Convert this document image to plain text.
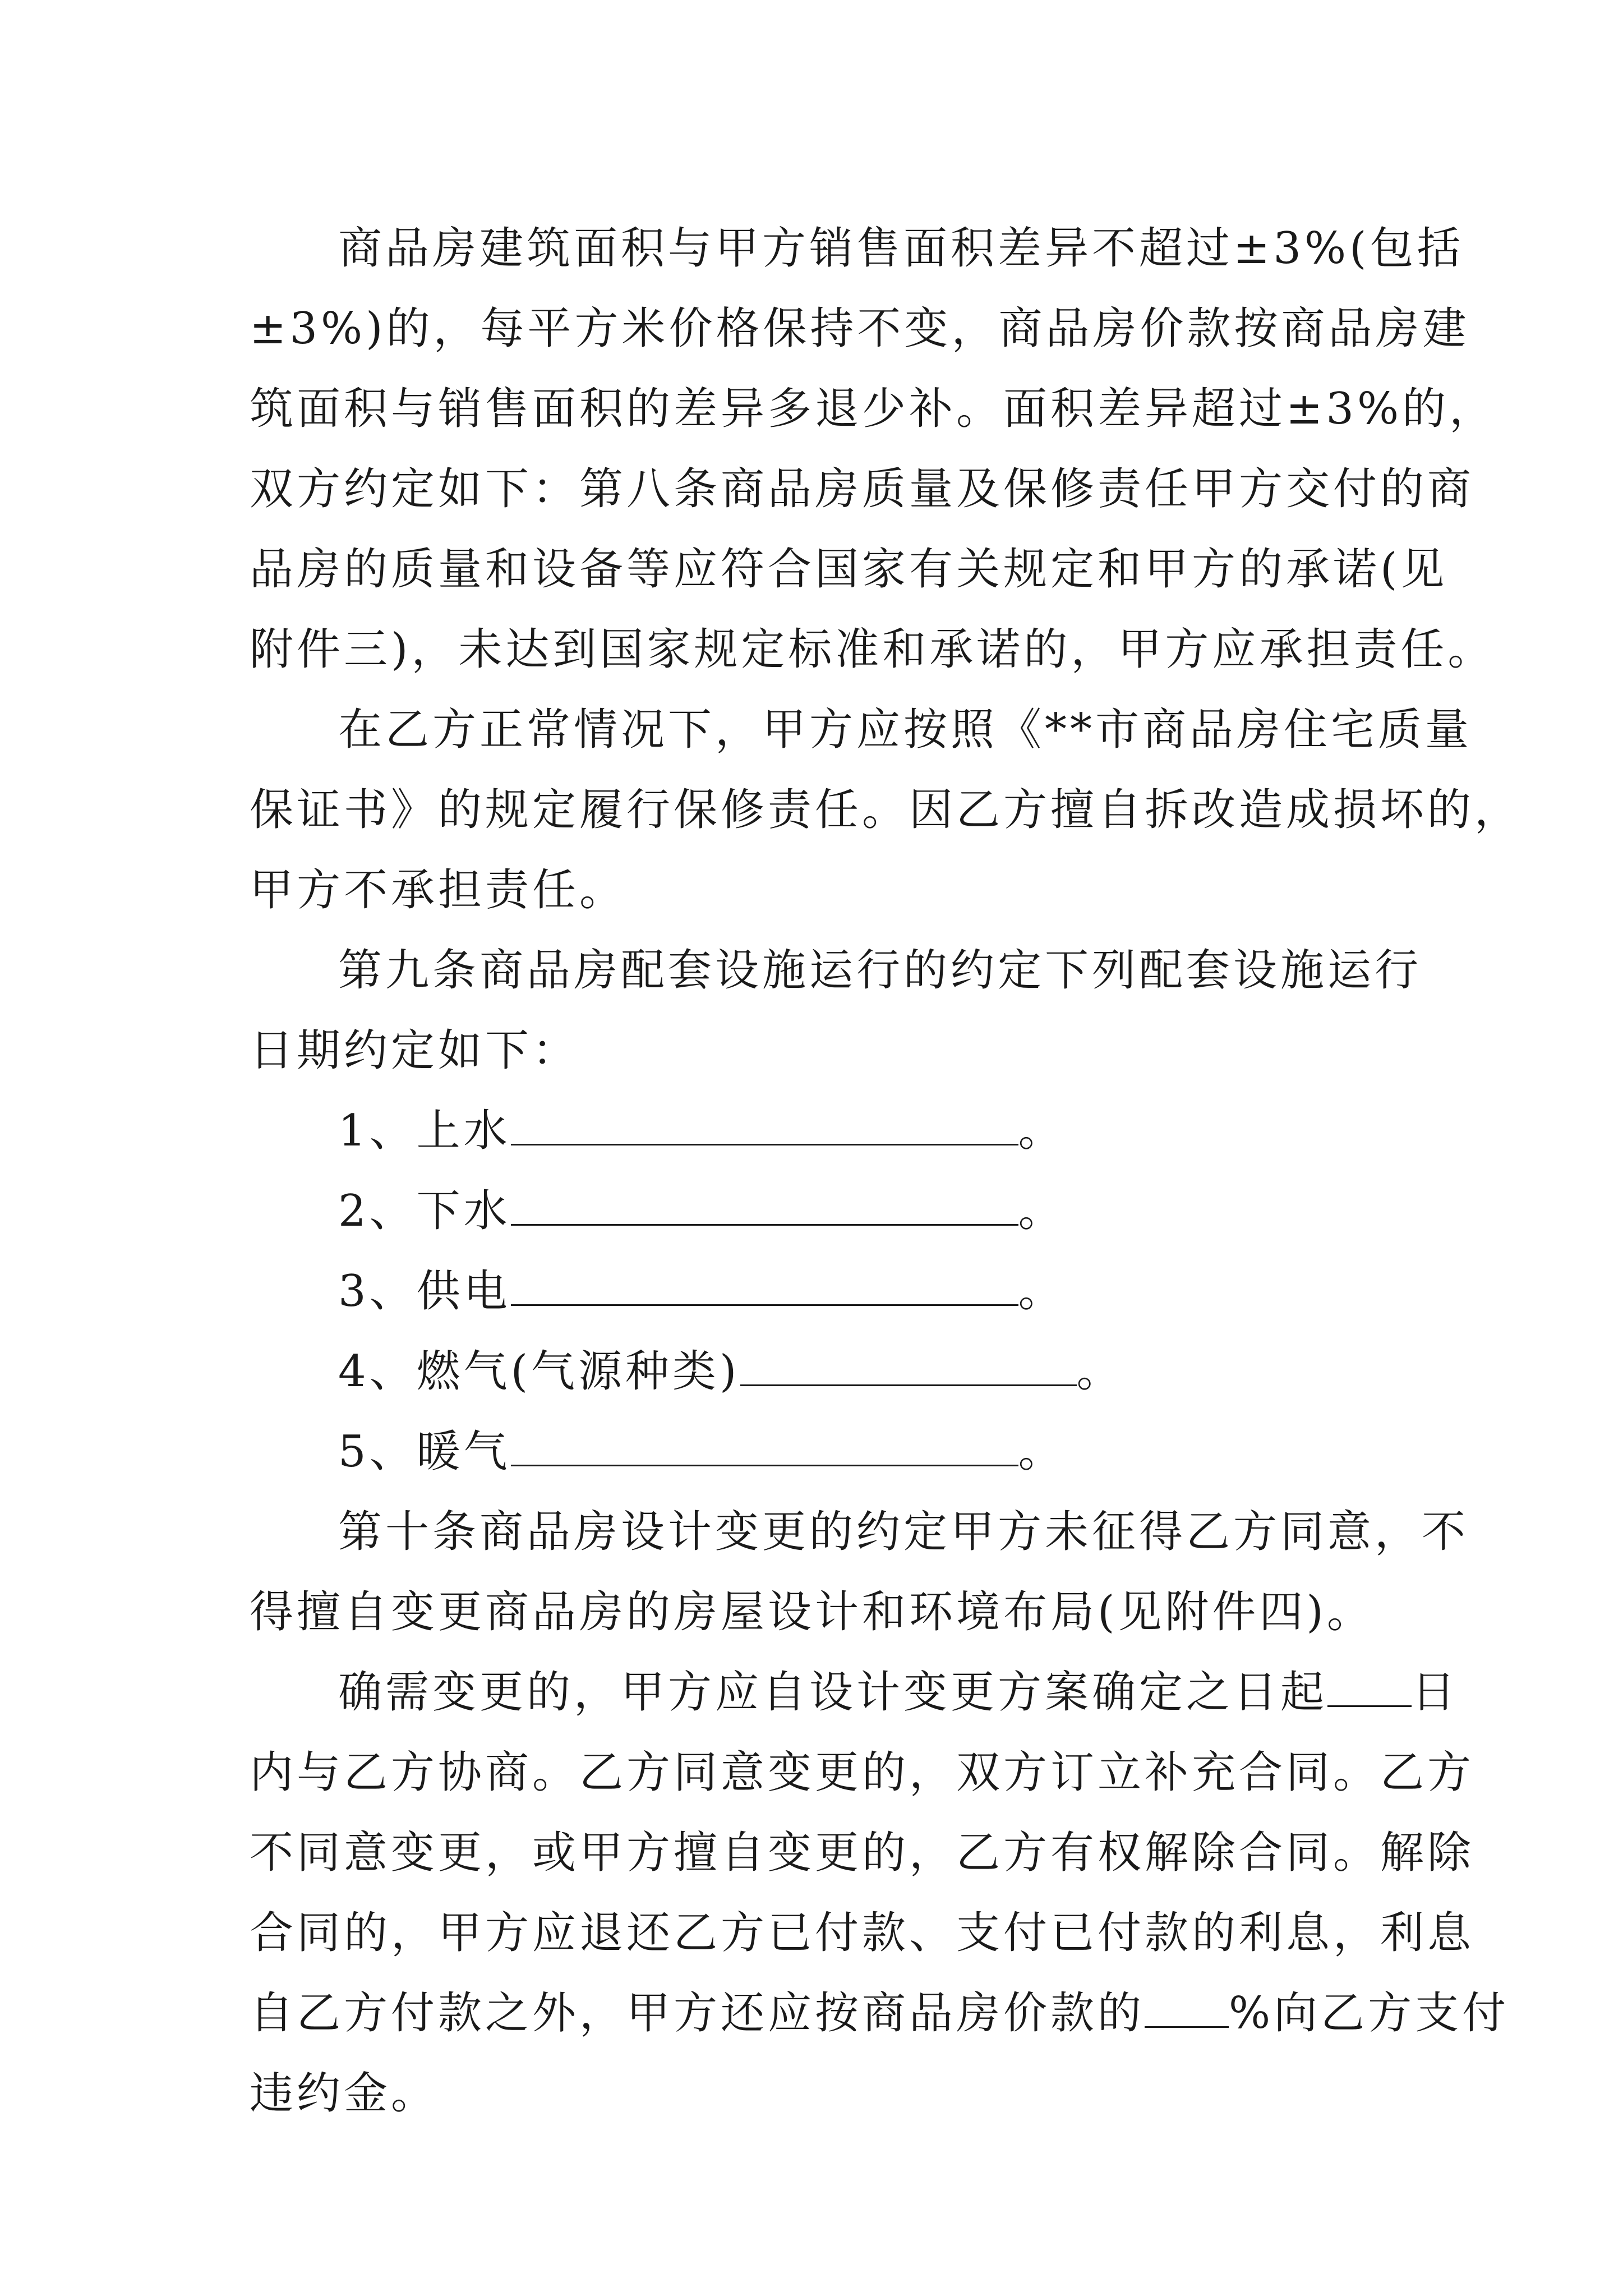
商品房建筑面积与甲方销售面积差异不超过±3%(包括
±3%)的，每平方米价格保持不变，商品房价款按商品房建
筑面积与销售面积的差异多退少补。面积差异超过±3%的，
双方约定如下：第八条商品房质量及保修责任甲方交付的商
品房的质量和设备等应符合国家有关规定和甲方的承诺(见
附件三)，未达到国家规定标准和承诺的，甲方应承担责任。
在乙方正常情况下，甲方应按照《**市商品房住宅质量
保证书》的规定履行保修责任。因乙方擅自拆改造成损坏的，
甲方不承担责任。
第九条商品房配套设施运行的约定下列配套设施运行
日期约定如下：
1、上水	。
2、下水	。
3、供电	。
4、燃气(气源种类)	。
5、暖气	。
第十条商品房设计变更的约定甲方未征得乙方同意，不
得擅自变更商品房的房屋设计和环境布局(见附件四)。
确需变更的，甲方应自设计变更方案确定之日起 日
内与乙方协商。乙方同意变更的，双方订立补充合同。乙方
不同意变更，或甲方擅自变更的，乙方有权解除合同。解除
合同的，甲方应退还乙方已付款、支付已付款的利息，利息
自乙方付款之外，甲方还应按商品房价款的 %向乙方支付
违约金。
